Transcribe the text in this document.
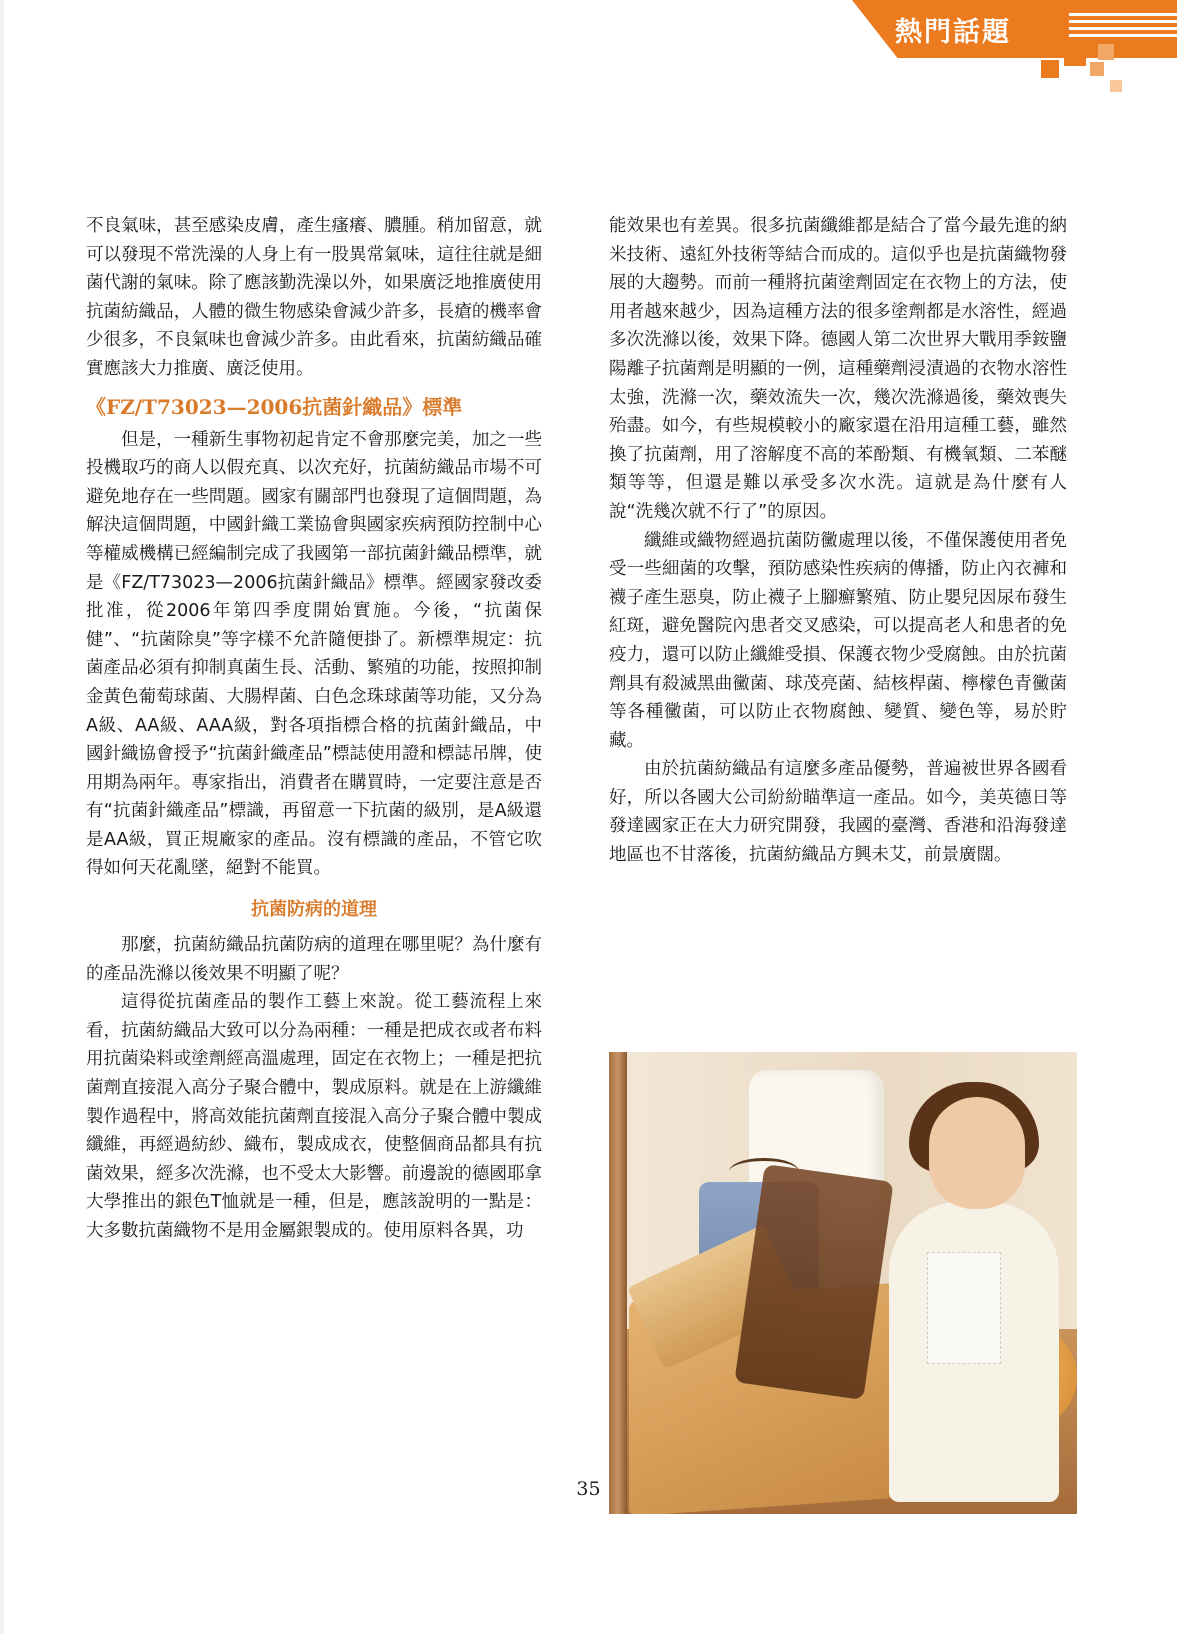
熱門話題

不良氣味，甚至感染皮膚，產生瘙癢、膿腫。稍加留意，就可以發現不常洗澡的人身上有一股異常氣味，這往往就是細菌代謝的氣味。除了應該勤洗澡以外，如果廣泛地推廣使用抗菌紡織品，人體的微生物感染會減少許多，長瘡的機率會少很多，不良氣味也會減少許多。由此看來，抗菌紡織品確實應該大力推廣、廣泛使用。

《FZ/T73023—2006抗菌針織品》標準

但是，一種新生事物初起肯定不會那麼完美，加之一些投機取巧的商人以假充真、以次充好，抗菌紡織品市場不可避免地存在一些問題。國家有關部門也發現了這個問題，為解決這個問題，中國針織工業協會與國家疾病預防控制中心等權威機構已經編制完成了我國第一部抗菌針織品標準，就是《FZ/T73023—2006抗菌針織品》標準。經國家發改委批准，從2006年第四季度開始實施。今後，“抗菌保健”、“抗菌除臭”等字樣不允許隨便掛了。新標準規定：抗菌產品必須有抑制真菌生長、活動、繁殖的功能，按照抑制金黃色葡萄球菌、大腸桿菌、白色念珠球菌等功能，又分為A級、AA級、AAA級，對各項指標合格的抗菌針織品，中國針織協會授予“抗菌針織產品”標誌使用證和標誌吊牌，使用期為兩年。專家指出，消費者在購買時，一定要注意是否有“抗菌針織產品”標識，再留意一下抗菌的級別，是A級還是AA級，買正規廠家的產品。沒有標識的產品，不管它吹得如何天花亂墜，絕對不能買。

抗菌防病的道理

那麼，抗菌紡織品抗菌防病的道理在哪里呢？為什麼有的產品洗滌以後效果不明顯了呢？

這得從抗菌產品的製作工藝上來說。從工藝流程上來看，抗菌紡織品大致可以分為兩種：一種是把成衣或者布料用抗菌染料或塗劑經高溫處理，固定在衣物上；一種是把抗菌劑直接混入高分子聚合體中，製成原料。就是在上游纖維製作過程中，將高效能抗菌劑直接混入高分子聚合體中製成纖維，再經過紡紗、織布，製成成衣，使整個商品都具有抗菌效果，經多次洗滌，也不受太大影響。前邊說的德國耶拿大學推出的銀色T恤就是一種，但是，應該說明的一點是：大多數抗菌織物不是用金屬銀製成的。使用原料各異，功

能效果也有差異。很多抗菌纖維都是結合了當今最先進的納米技術、遠紅外技術等結合而成的。這似乎也是抗菌織物發展的大趨勢。而前一種將抗菌塗劑固定在衣物上的方法，使用者越來越少，因為這種方法的很多塗劑都是水溶性，經過多次洗滌以後，效果下降。德國人第二次世界大戰用季銨鹽陽離子抗菌劑是明顯的一例，這種藥劑浸漬過的衣物水溶性太強，洗滌一次，藥效流失一次，幾次洗滌過後，藥效喪失殆盡。如今，有些規模較小的廠家還在沿用這種工藝，雖然換了抗菌劑，用了溶解度不高的苯酚類、有機氧類、二苯醚類等等，但還是難以承受多次水洗。這就是為什麼有人說“洗幾次就不行了”的原因。

纖維或織物經過抗菌防黴處理以後，不僅保護使用者免受一些細菌的攻擊，預防感染性疾病的傳播，防止內衣褲和襪子產生惡臭，防止襪子上腳癬繁殖、防止嬰兒因尿布發生紅斑，避免醫院內患者交叉感染，可以提高老人和患者的免疫力，還可以防止纖維受損、保護衣物少受腐蝕。由於抗菌劑具有殺滅黑曲黴菌、球茂亮菌、結核桿菌、檸檬色青黴菌等各種黴菌，可以防止衣物腐蝕、變質、變色等，易於貯藏。

由於抗菌紡織品有這麼多產品優勢，普遍被世界各國看好，所以各國大公司紛紛瞄準這一產品。如今，美英德日等發達國家正在大力研究開發，我國的臺灣、香港和沿海發達地區也不甘落後，抗菌紡織品方興未艾，前景廣闊。

35
